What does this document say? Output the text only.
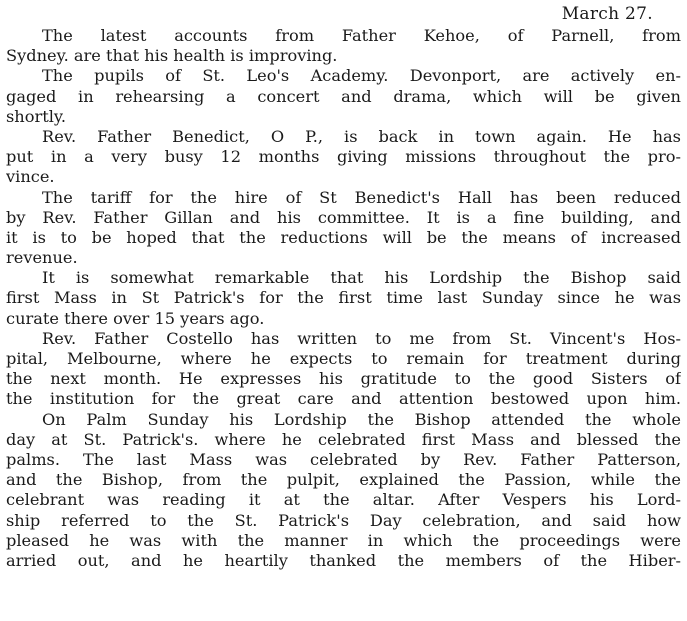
March 27.
The latest accounts from Father Kehoe, of Parnell, from
Sydney. are that his health is improving.
The pupils of St. Leo's Academy. Devonport, are actively en-
gaged in rehearsing a concert and drama, which will be given
shortly.
Rev. Father Benedict, O P., is back in town again. He has
put in a very busy 12 months giving missions throughout the pro-
vince.
The tariff for the hire of St Benedict's Hall has been reduced
by Rev. Father Gillan and his committee. It is a fine building, and
it is to be hoped that the reductions will be the means of increased
revenue.
It is somewhat remarkable that his Lordship the Bishop said
first Mass in St Patrick's for the first time last Sunday since he was
curate there over 15 years ago.
Rev. Father Costello has written to me from St. Vincent's Hos-
pital, Melbourne, where he expects to remain for treatment during
the next month. He expresses his gratitude to the good Sisters of
the institution for the great care and attention bestowed upon him.
On Palm Sunday his Lordship the Bishop attended the whole
day at St. Patrick's. where he celebrated first Mass and blessed the
palms. The last Mass was celebrated by Rev. Father Patterson,
and the Bishop, from the pulpit, explained the Passion, while the
celebrant was reading it at the altar. After Vespers his Lord-
ship referred to the St. Patrick's Day celebration, and said how
pleased he was with the manner in which the proceedings were
arried out, and he heartily thanked the members of the Hiber-
